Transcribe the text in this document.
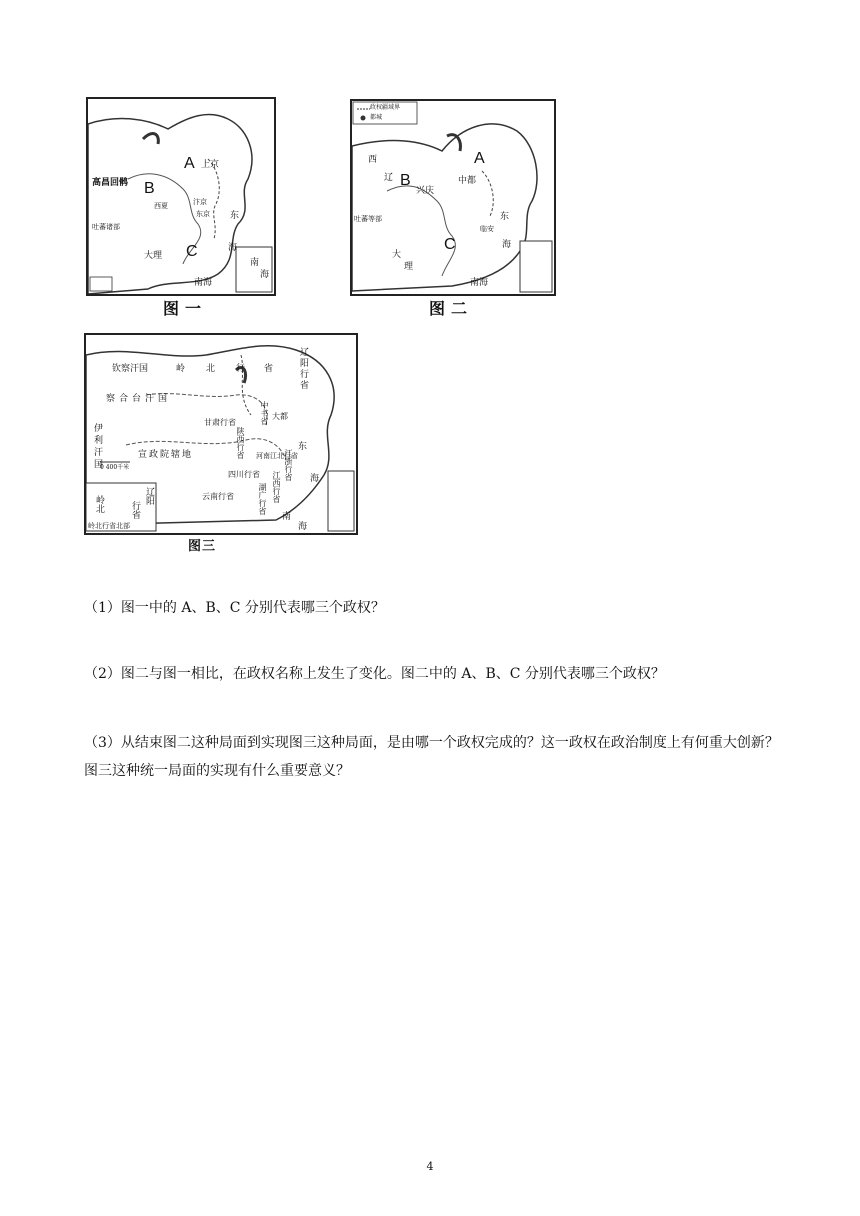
A
B
C
上京
高昌回鹘
西夏	汴京
东京
吐蕃诸部
大理
东
海
南海
南
海
图一
政权疆域界
都城
A
B
C
中都
兴庆
临安
西
辽
吐蕃等部
大
理
东
海
南海
图二
钦察汗国	岭 北 行 省	辽阳行省
察合台汗国
伊利汗国
甘肃行省	中书省 大都
陕西行省 河南江北行省
宣政院辖地
四川行省	江浙行省
江西行省
湖广行省
云南行省
东
海
南
海
0 400千米
岭北	辽阳
行省
岭北行省北部
图三
（1）图一中的 A、B、C 分别代表哪三个政权？
（2）图二与图一相比，在政权名称上发生了变化。图二中的 A、B、C 分别代表哪三个政权？
（3）从结束图二这种局面到实现图三这种局面，是由哪一个政权完成的？这一政权在政治制度上有何重大创新？图三这种统一局面的实现有什么重要意义？
4
